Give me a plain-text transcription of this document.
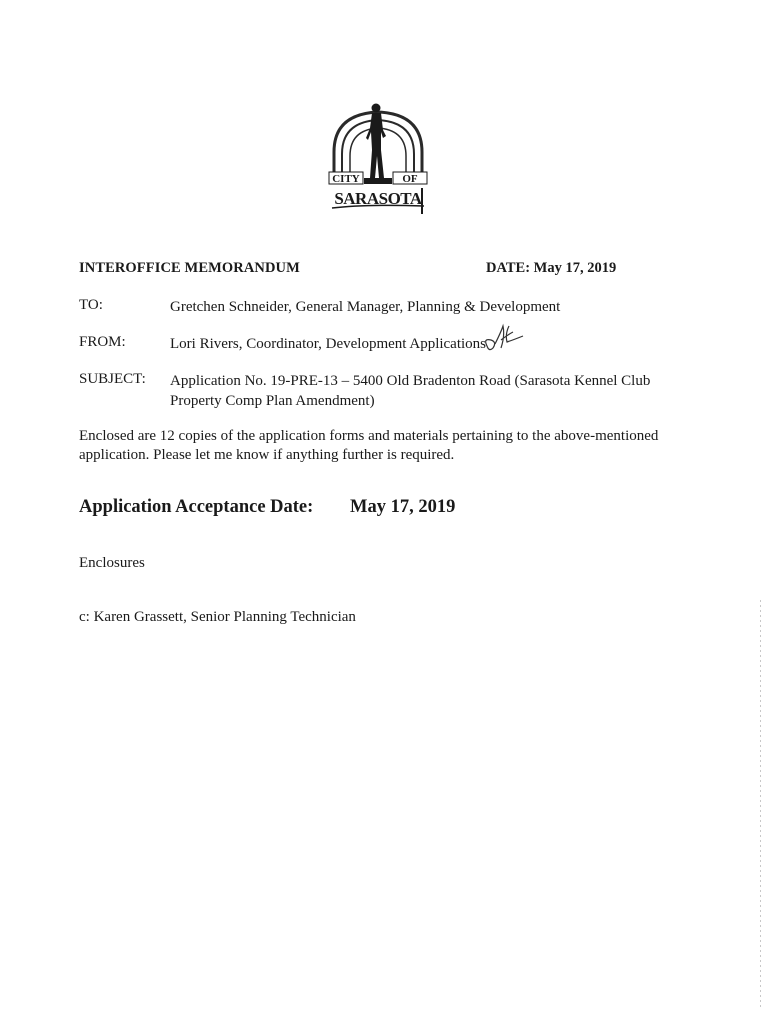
CITY	OF
SARASOTA
INTEROFFICE MEMORANDUM	DATE: May 17, 2019
TO:	Gretchen Schneider, General Manager, Planning & Development
FROM:	Lori Rivers, Coordinator, Development Applications
SUBJECT: Application No. 19-PRE-13 – 5400 Old Bradenton Road (Sarasota Kennel Club
Property Comp Plan Amendment)
Enclosed are 12 copies of the application forms and materials pertaining to the above-mentioned
application. Please let me know if anything further is required.
Application Acceptance Date: May 17, 2019
Enclosures
c: Karen Grassett, Senior Planning Technician
